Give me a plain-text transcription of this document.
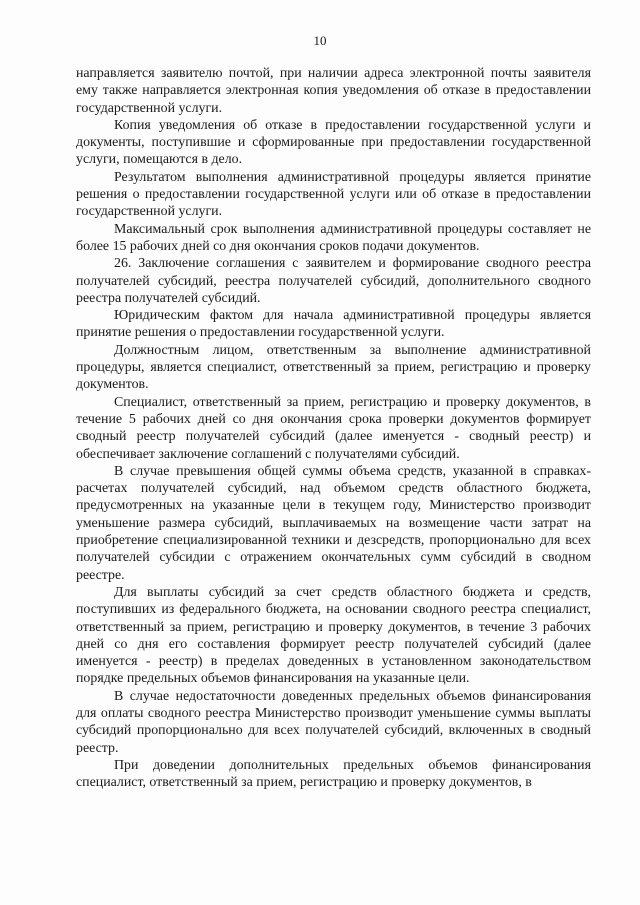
10

направляется заявителю почтой, при наличии адреса электронной почты заявителя ему также направляется электронная копия уведомления об отказе в предоставлении государственной услуги.

Копия уведомления об отказе в предоставлении государственной услуги и документы, поступившие и сформированные при предоставлении государственной услуги, помещаются в дело.

Результатом выполнения административной процедуры является принятие решения о предоставлении государственной услуги или об отказе в предоставлении государственной услуги.

Максимальный срок выполнения административной процедуры составляет не более 15 рабочих дней со дня окончания сроков подачи документов.

26. Заключение соглашения с заявителем и формирование сводного реестра получателей субсидий, реестра получателей субсидий, дополнительного сводного реестра получателей субсидий.

Юридическим фактом для начала административной процедуры является принятие решения о предоставлении государственной услуги.

Должностным лицом, ответственным за выполнение административной процедуры, является специалист, ответственный за прием, регистрацию и проверку документов.

Специалист, ответственный за прием, регистрацию и проверку документов, в течение 5 рабочих дней со дня окончания срока проверки документов формирует сводный реестр получателей субсидий (далее именуется - сводный реестр) и обеспечивает заключение соглашений с получателями субсидий.

В случае превышения общей суммы объема средств, указанной в справках-расчетах получателей субсидий, над объемом средств областного бюджета, предусмотренных на указанные цели в текущем году, Министерство производит уменьшение размера субсидий, выплачиваемых на возмещение части затрат на приобретение специализированной техники и дезсредств, пропорционально для всех получателей субсидии с отражением окончательных сумм субсидий в сводном реестре.

Для выплаты субсидий за счет средств областного бюджета и средств, поступивших из федерального бюджета, на основании сводного реестра специалист, ответственный за прием, регистрацию и проверку документов, в течение 3 рабочих дней со дня его составления формирует реестр получателей субсидий (далее именуется - реестр) в пределах доведенных в установленном законодательством порядке предельных объемов финансирования на указанные цели.

В случае недостаточности доведенных предельных объемов финансирования для оплаты сводного реестра Министерство производит уменьшение суммы выплаты субсидий пропорционально для всех получателей субсидий, включенных в сводный реестр.

При доведении дополнительных предельных объемов финансирования специалист, ответственный за прием, регистрацию и проверку документов, в
